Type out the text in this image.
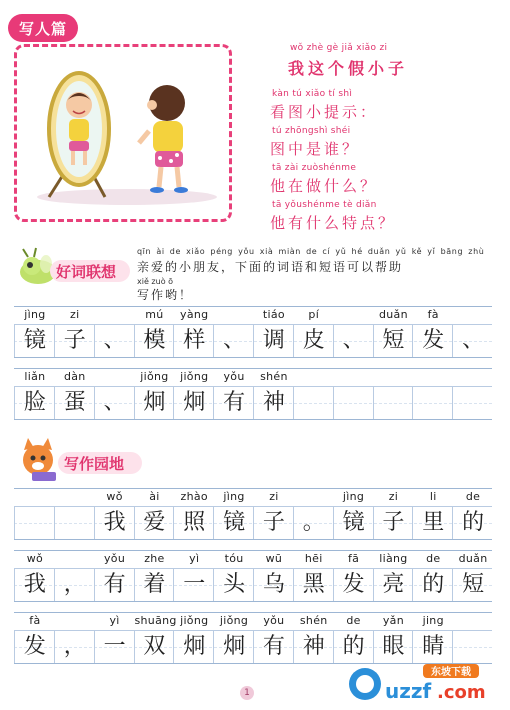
写人篇
wǒ zhè gè jiǎ xiǎo zi
我这个假小子
kàn tú xiǎo tí shì
看图小提示：
tú zhōngshì shéi
图中是谁？
tā zài zuòshénme
他在做什么？
tā yǒushénme tè diǎn
他有什么特点？
好词联想
qīn ài de xiǎo péng yǒu xià miàn de cí yǔ hé duǎn yǔ kě yǐ bāng zhù
亲爱的小朋友，下面的词语和短语可以帮助
xiě zuò ō
写作哟！
jìng
镜
zi
子 、
mú
模
yàng
样 、
tiáo
调
pí
皮 、
duǎn
短
fà
发 、
liǎn
脸
dàn
蛋 、
jiǒng
炯
jiǒng
炯
yǒu
有
shén
神
写作园地
wǒ
我
ài
爱
zhào
照
jìng
镜
zi
子 。
jìng
镜
zi
子
li
里
de
的
wǒ
我 ，
yǒu
有
zhe
着
yì
一
tóu
头
wū
乌
hēi
黑
fā
发
liàng
亮
de
的
duǎn
短
fà
发 ，
yì
一
shuāng
双
jiǒng
炯
jiǒng
炯
yǒu
有
shén
神
de
的
yǎn
眼
jing
睛
1
东坡下载
uzzf .com
